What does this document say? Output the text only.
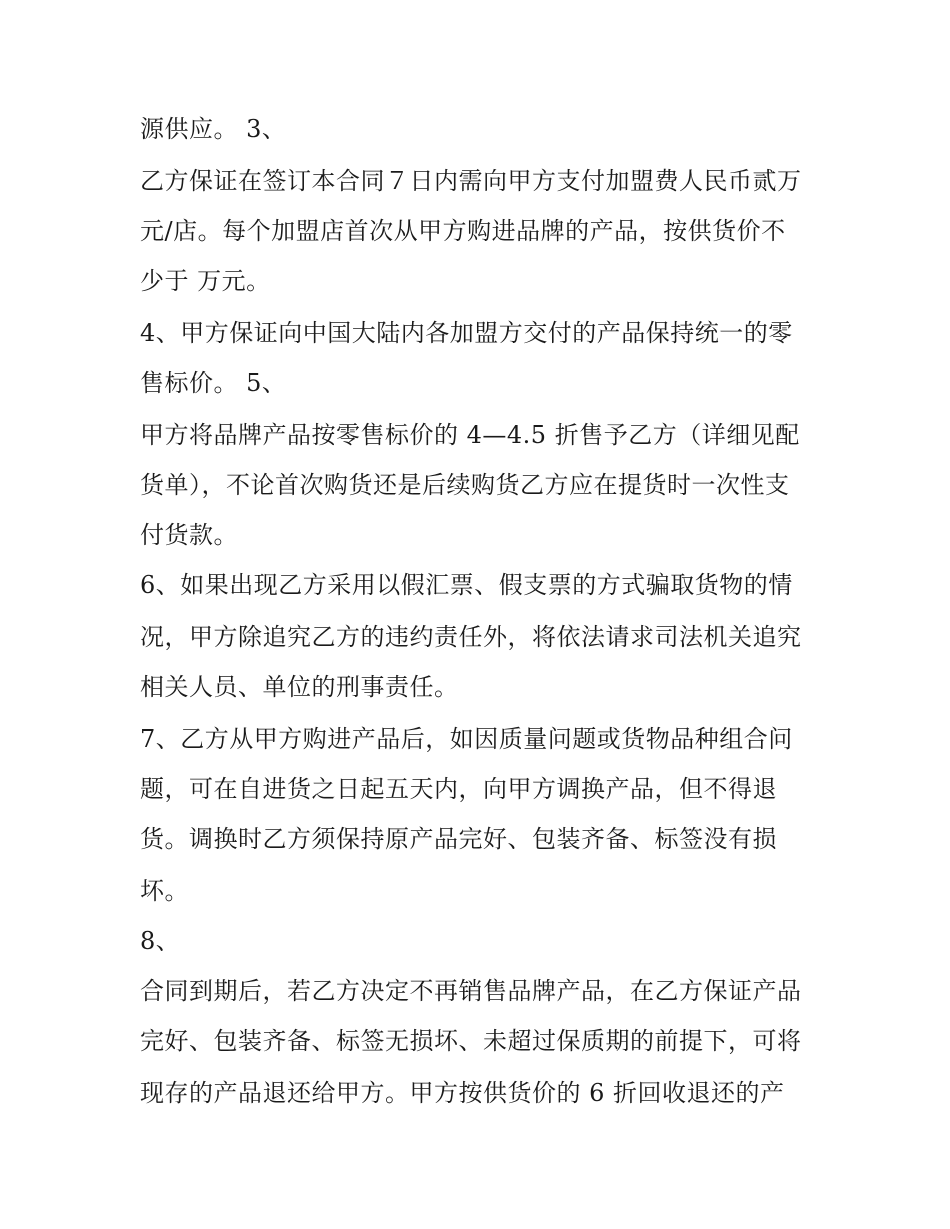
源供应。 3、
乙方保证在签订本合同７日内需向甲方支付加盟费人民币贰万
元/店。每个加盟店首次从甲方购进品牌的产品，按供货价不
少于 万元。
4、甲方保证向中国大陆内各加盟方交付的产品保持统一的零
售标价。 5、
甲方将品牌产品按零售标价的 4—4.5 折售予乙方（详细见配
货单），不论首次购货还是后续购货乙方应在提货时一次性支
付货款。
6、如果出现乙方采用以假汇票、假支票的方式骗取货物的情
况，甲方除追究乙方的违约责任外，将依法请求司法机关追究
相关人员、单位的刑事责任。
7、乙方从甲方购进产品后，如因质量问题或货物品种组合问
题，可在自进货之日起五天内，向甲方调换产品，但不得退
货。调换时乙方须保持原产品完好、包装齐备、标签没有损
坏。
8、
合同到期后，若乙方决定不再销售品牌产品，在乙方保证产品
完好、包装齐备、标签无损坏、未超过保质期的前提下，可将
现存的产品退还给甲方。甲方按供货价的 6 折回收退还的产
